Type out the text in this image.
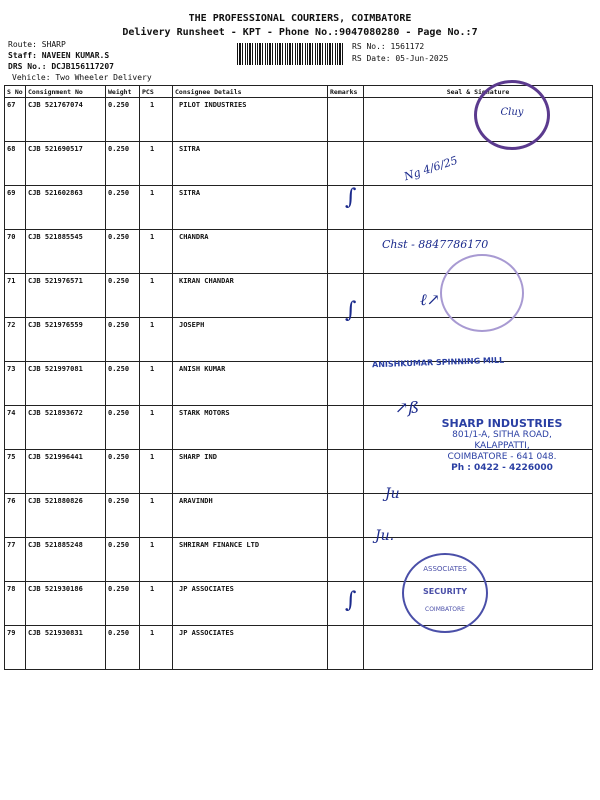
THE PROFESSIONAL COURIERS, COIMBATORE
Delivery Runsheet - KPT - Phone No.:9047080280 - Page No.:7
Route: SHARP
Staff: NAVEEN KUMAR.S
DRS No.: DCJB156117207
Vehicle: Two Wheeler Delivery
RS No.: 1561172
RS Date: 05-Jun-2025
S No	Consignment No	Weight	PCS	Consignee Details	Remarks	Seal & Signature
67	CJB 521767074	0.250	1	PILOT INDUSTRIES		
68	CJB 521690517	0.250	1	SITRA		
69	CJB 521602863	0.250	1	SITRA		
70	CJB 521885545	0.250	1	CHANDRA		
71	CJB 521976571	0.250	1	KIRAN CHANDAR		
72	CJB 521976559	0.250	1	JOSEPH		
73	CJB 521997081	0.250	1	ANISH KUMAR		
74	CJB 521893672	0.250	1	STARK MOTORS		
75	CJB 521996441	0.250	1	SHARP IND		
76	CJB 521880826	0.250	1	ARAVINDH		
77	CJB 521885248	0.250	1	SHRIRAM FINANCE LTD		
78	CJB 521930186	0.250	1	JP ASSOCIATES		
79	CJB 521930831	0.250	1	JP ASSOCIATES		
Cluy
Ng 4/6/25
Chst - 8847786170
ℓ↗
ANISHKUMAR SPINNING MILL
↗ß
SHARP INDUSTRIES
801/1-A, SITHA ROAD,
KALAPPATTI,
COIMBATORE - 641 048.
Ph : 0422 - 4226000
Ju
Ju.
ASSOCIATES
SECURITY
COIMBATORE
∫
∫
∫
